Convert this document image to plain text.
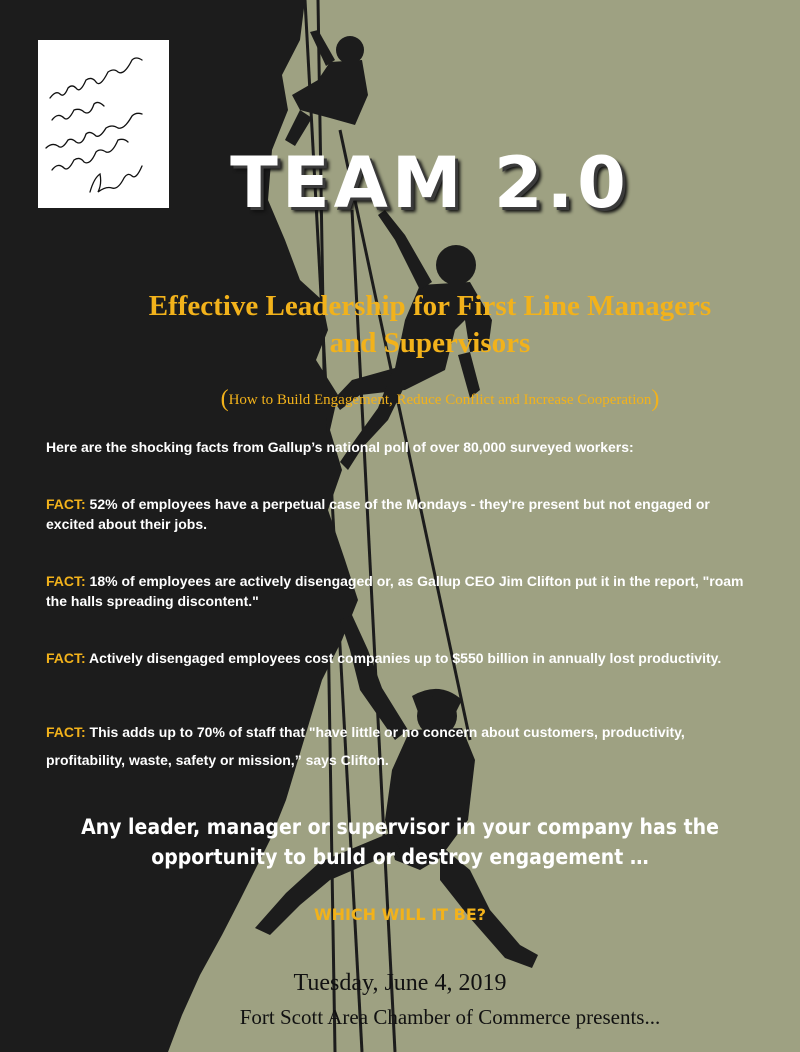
TEAM 2.0
Effective Leadership for First Line Managers
and Supervisors
(How to Build Engagement, Reduce Conflict and Increase Cooperation)
Here are the shocking facts from Gallup’s national poll of over 80,000 surveyed workers:
FACT: 52% of employees have a perpetual case of the Mondays - they're present but not engaged or excited about their jobs.
FACT: 18% of employees are actively disengaged or, as Gallup CEO Jim Clifton put it in the report, "roam the halls spreading discontent."
FACT: Actively disengaged employees cost companies up to $550 billion in annually lost productivity.
FACT: This adds up to 70% of staff that "have little or no concern about customers, productivity, profitability, waste, safety or mission,” says Clifton.
Any leader, manager or supervisor in your company has the
opportunity to build or destroy engagement …
WHICH WILL IT BE?
Tuesday, June 4, 2019
Fort Scott Area Chamber of Commerce presents...
